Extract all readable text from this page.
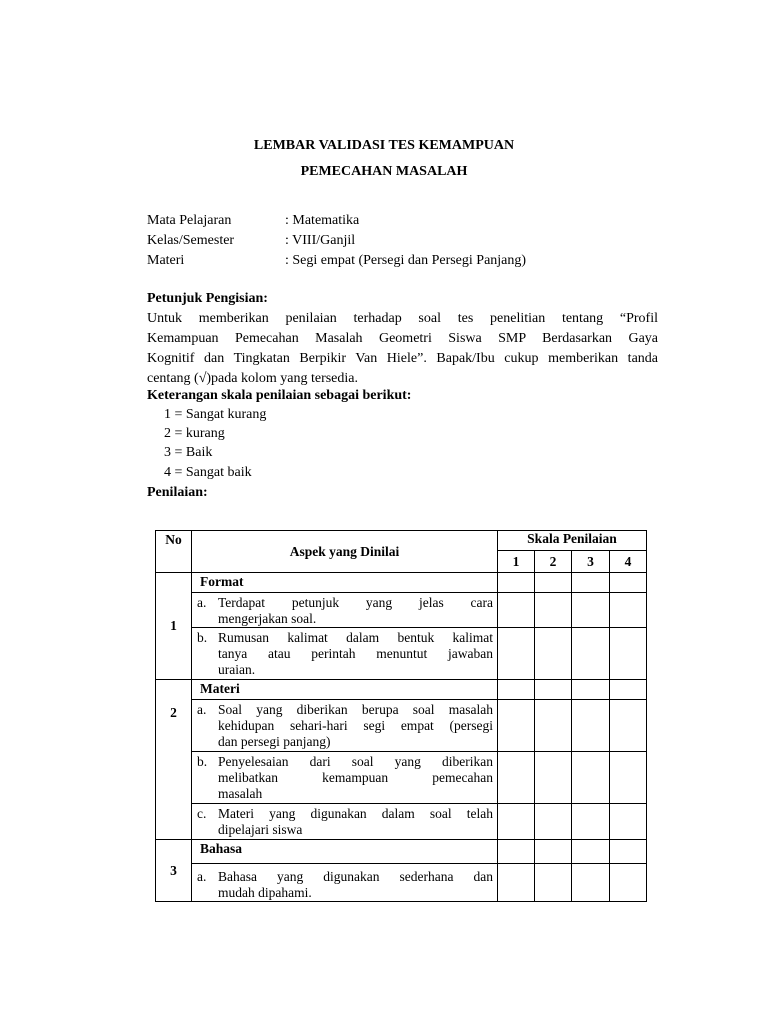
LEMBAR VALIDASI TES KEMAMPUAN
PEMECAHAN MASALAH
Mata Pelajaran	: Matematika
Kelas/Semester	: VIII/Ganjil
Materi	: Segi empat (Persegi dan Persegi Panjang)
Petunjuk Pengisian:
Untuk memberikan penilaian terhadap soal tes penelitian tentang “Profil
Kemampuan Pemecahan Masalah Geometri Siswa SMP Berdasarkan Gaya
Kognitif dan Tingkatan Berpikir Van Hiele”. Bapak/Ibu cukup memberikan tanda
centang (√)pada kolom yang tersedia.
Keterangan skala penilaian sebagai berikut:
1 = Sangat kurang
2 = kurang
3 = Baik
4 = Sangat baik
Penilaian:
No	Aspek yang Dinilai	Skala Penilaian			
		1	2	3	4
1	Format				

	a. Terdapat petunjuk yang jelas cara
mengerjakan soal.				

	b. Rumusan kalimat dalam bentuk kalimat
tanya atau perintah menuntut jawaban
uraian.				

2	Materi				

	a. Soal yang diberikan berupa soal masalah
kehidupan sehari-hari segi empat (persegi
dan persegi panjang)				

	b. Penyelesaian dari soal yang diberikan
melibatkan kemampuan pemecahan
masalah				

	c. Materi yang digunakan dalam soal telah
dipelajari siswa				

3	Bahasa				

	a. Bahasa yang digunakan sederhana dan
mudah dipahami.				
